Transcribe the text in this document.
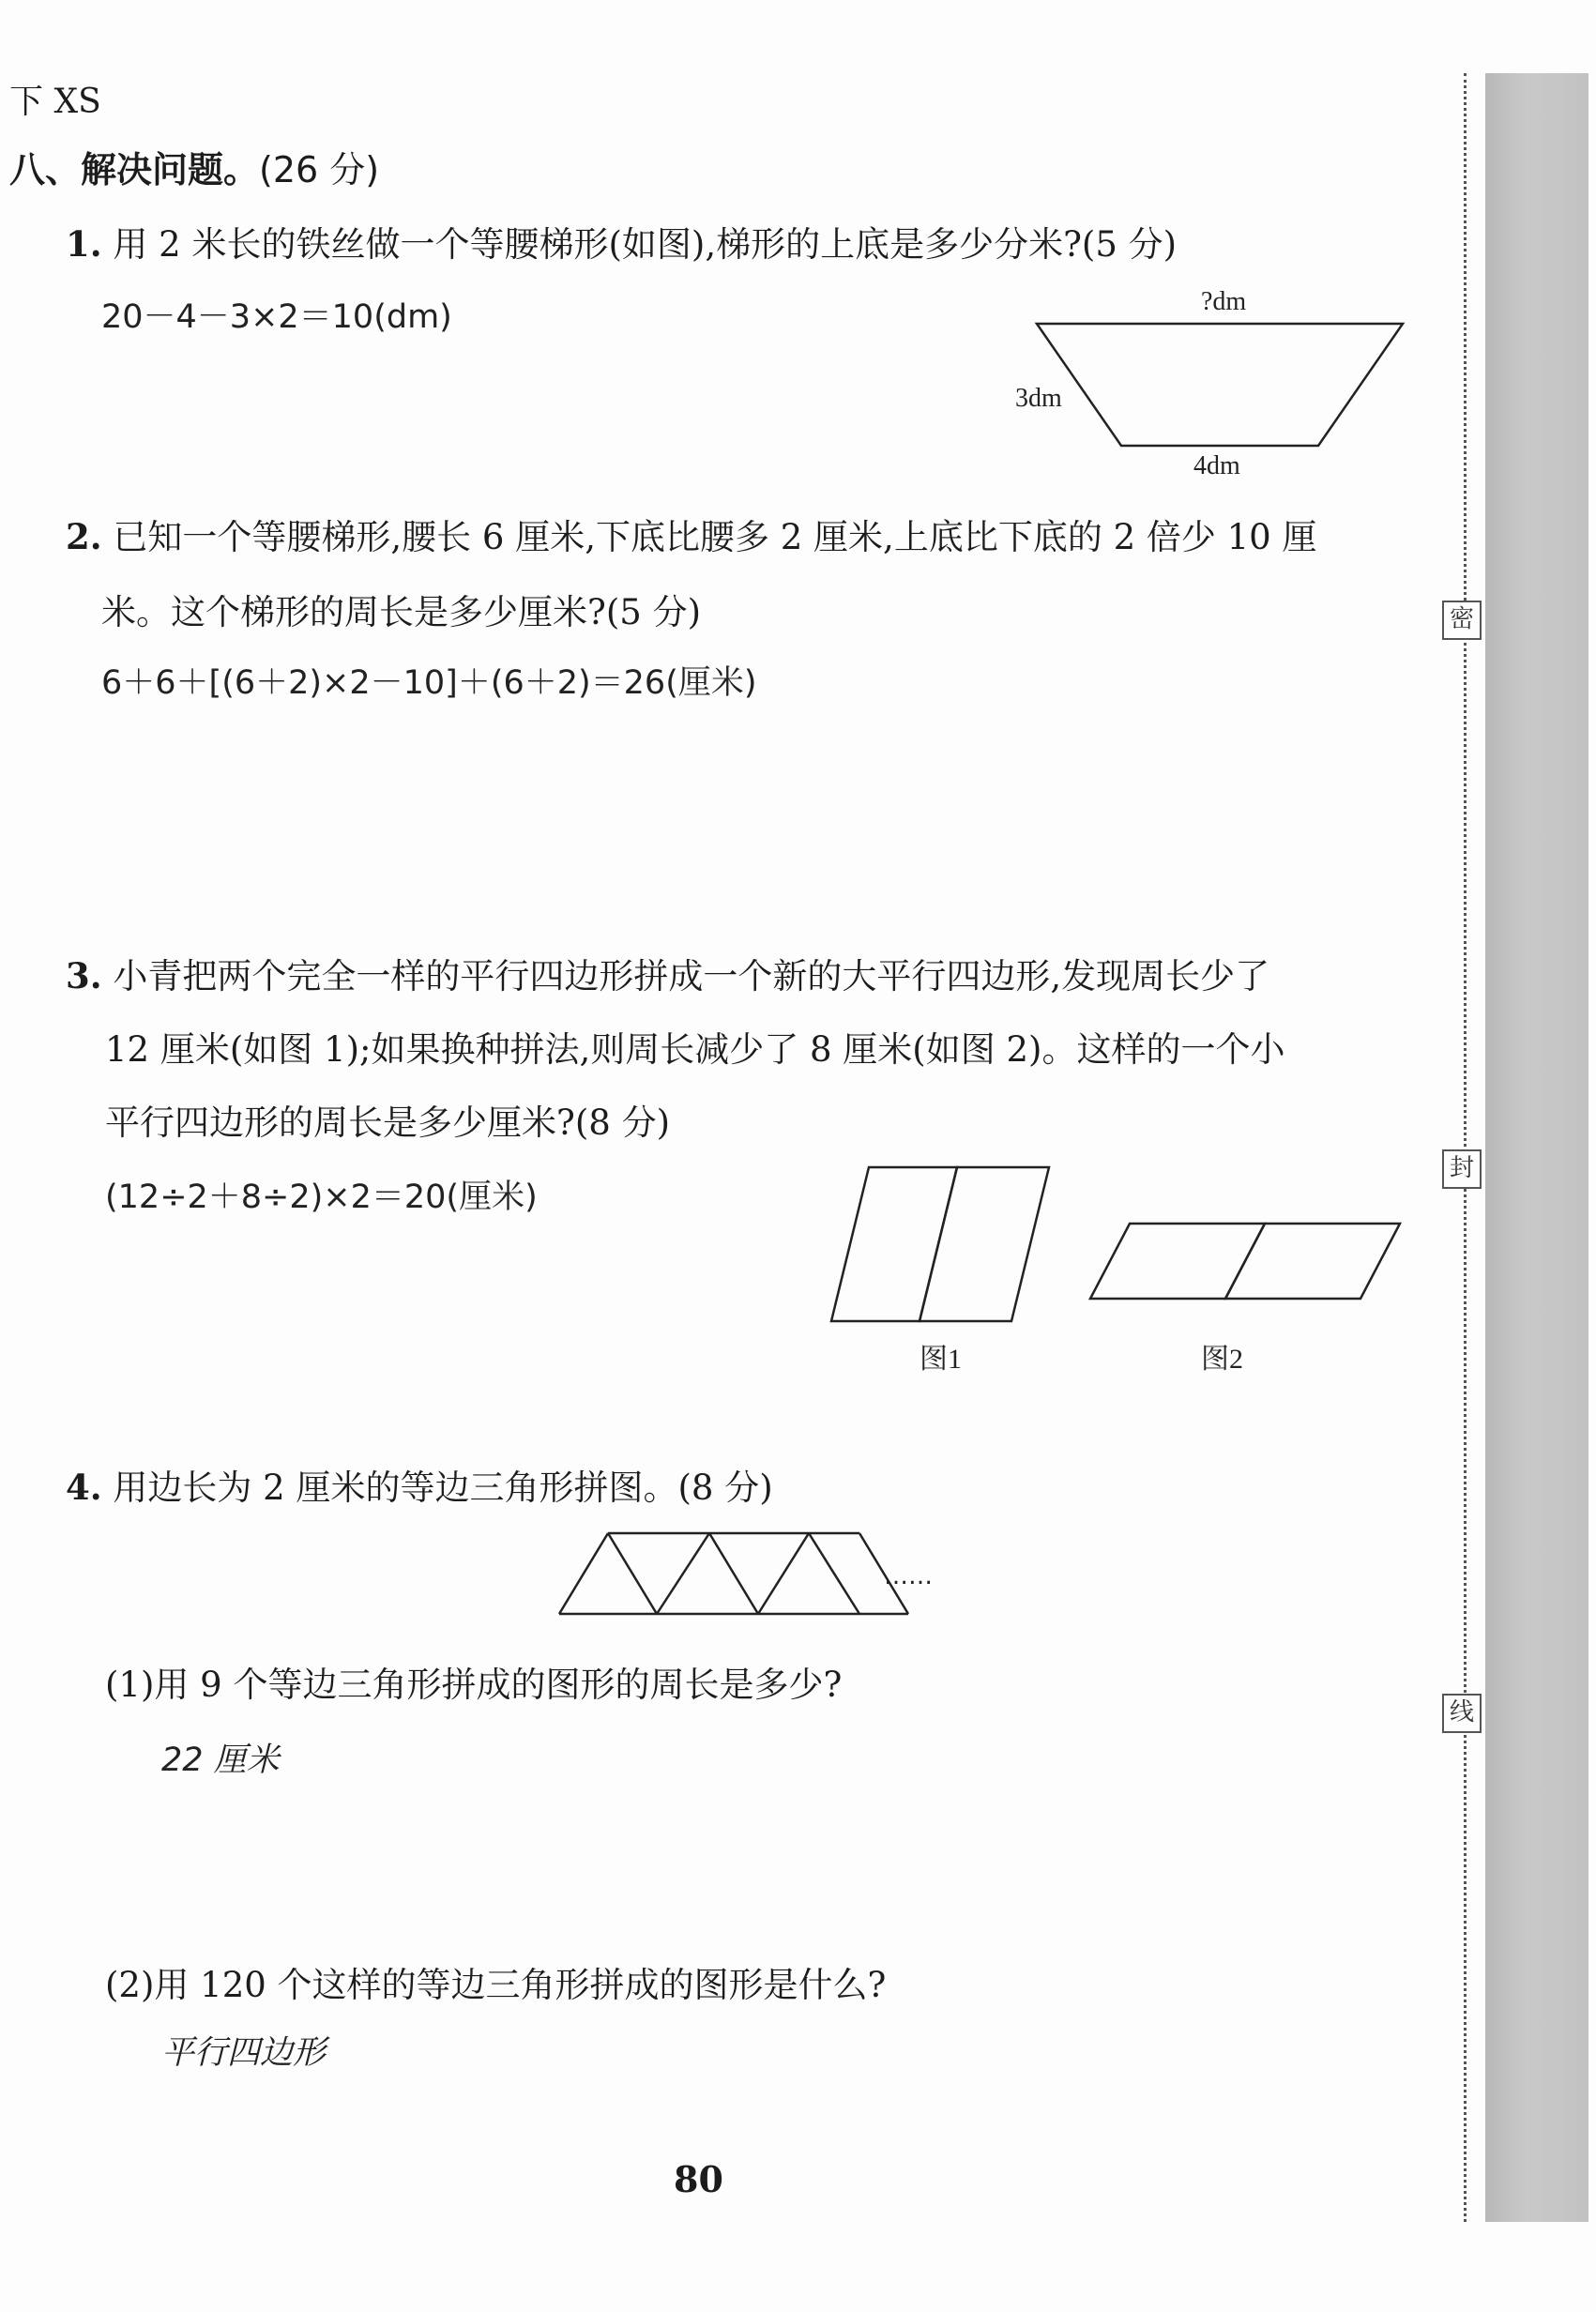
密
封
线
下 XS
八、解决问题。(26 分)
1. 用 2 米长的铁丝做一个等腰梯形(如图),梯形的上底是多少分米?(5 分)
20－4－3×2＝10(dm)	?dm
3dm
4dm
2. 已知一个等腰梯形,腰长 6 厘米,下底比腰多 2 厘米,上底比下底的 2 倍少 10 厘
米。这个梯形的周长是多少厘米?(5 分)
6＋6＋[(6＋2)×2－10]＋(6＋2)＝26(厘米)
3. 小青把两个完全一样的平行四边形拼成一个新的大平行四边形,发现周长少了
12 厘米(如图 1);如果换种拼法,则周长减少了 8 厘米(如图 2)。这样的一个小
平行四边形的周长是多少厘米?(8 分)
(12÷2＋8÷2)×2＝20(厘米)
图1	图2
4. 用边长为 2 厘米的等边三角形拼图。(8 分)
……
(1)用 9 个等边三角形拼成的图形的周长是多少?
22 厘米
(2)用 120 个这样的等边三角形拼成的图形是什么?
平行四边形
80
